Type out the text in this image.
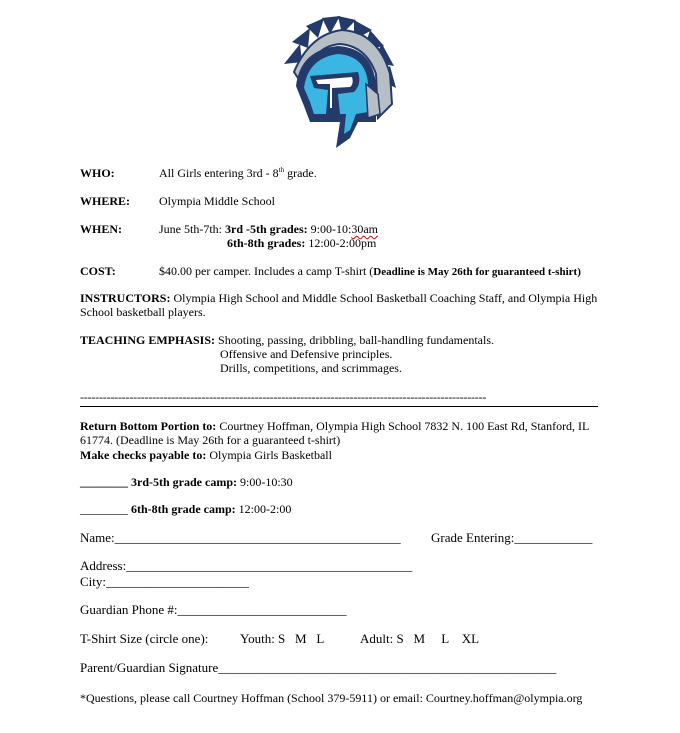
WHO:	All Girls entering 3rd - 8th grade.
WHERE: Olympia Middle School
WHEN:	June 5th-7th: 3rd -5th grades: 9:00-10:30am
6th-8th grades: 12:00-2:00pm
COST:	$40.00 per camper. Includes a camp T-shirt (Deadline is May 26th for guaranteed t-shirt)
INSTRUCTORS: Olympia High School and Middle School Basketball Coaching Staff, and Olympia High School basketball players.
TEACHING EMPHASIS: Shooting, passing, dribbling, ball-handling fundamentals.
Offensive and Defensive principles.
Drills, competitions, and scrimmages.
-----------------------------------------------------------------------------------------------------------
Return Bottom Portion to: Courtney Hoffman, Olympia High School 7832 N. 100 East Rd, Stanford, IL 61774. (Deadline is May 26th for a guaranteed t-shirt)
Make checks payable to: Olympia Girls Basketball
________ 3rd-5th grade camp: 9:00-10:30
________ 6th-8th grade camp: 12:00-2:00
Name:____________________________________________ Grade Entering:____________
Address:____________________________________________
City:______________________
Guardian Phone #:__________________________
T-Shirt Size (circle one): Youth: S   M   L	Adult: S   M     L    XL
Parent/Guardian Signature____________________________________________________
*Questions, please call Courtney Hoffman (School 379-5911) or email: Courtney.hoffman@olympia.org
